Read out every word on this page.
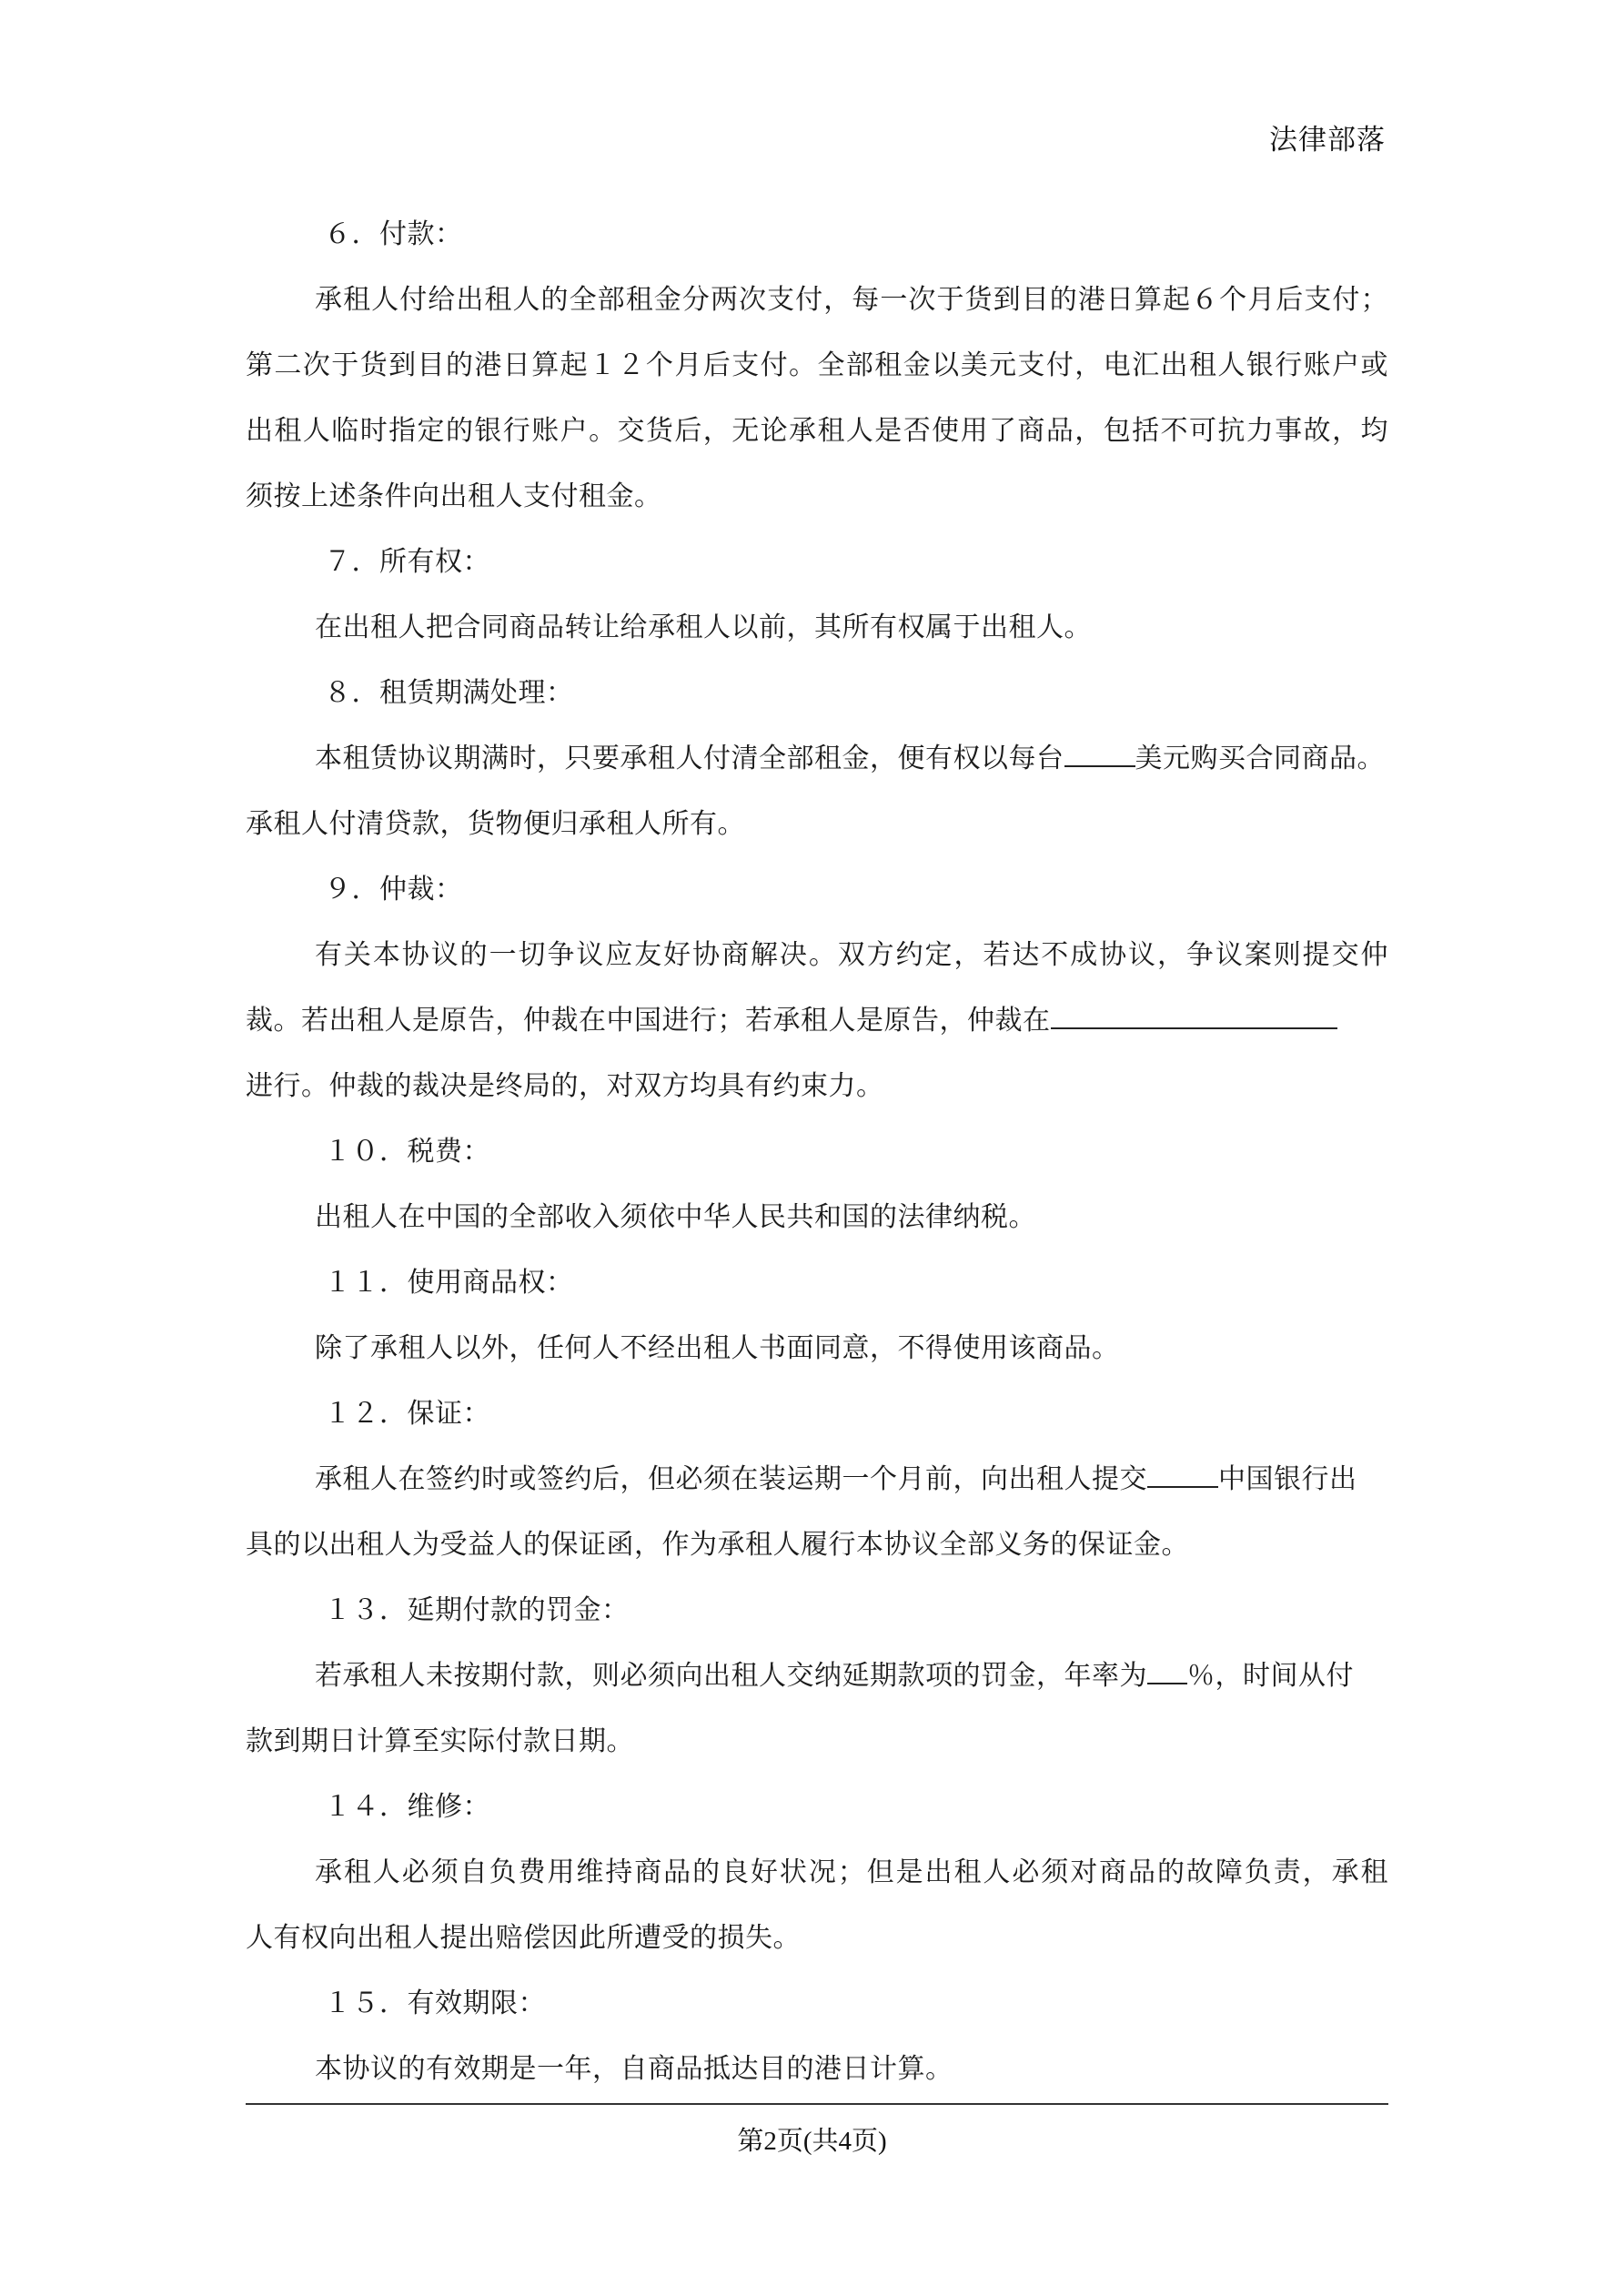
法律部落
６．付款：
承租人付给出租人的全部租金分两次支付，每一次于货到目的港日算起６个月后支付；
第二次于货到目的港日算起１２个月后支付。全部租金以美元支付，电汇出租人银行账户或
出租人临时指定的银行账户。交货后，无论承租人是否使用了商品，包括不可抗力事故，均
须按上述条件向出租人支付租金。
７．所有权：
在出租人把合同商品转让给承租人以前，其所有权属于出租人。
８．租赁期满处理：
本租赁协议期满时，只要承租人付清全部租金，便有权以每台	美元购买合同商品。
承租人付清贷款，货物便归承租人所有。
９．仲裁：
有关本协议的一切争议应友好协商解决。双方约定，若达不成协议，争议案则提交仲
裁。若出租人是原告，仲裁在中国进行；若承租人是原告，仲裁在
进行。仲裁的裁决是终局的，对双方均具有约束力。
１０．税费：
出租人在中国的全部收入须依中华人民共和国的法律纳税。
１１．使用商品权：
除了承租人以外，任何人不经出租人书面同意，不得使用该商品。
１２．保证：
承租人在签约时或签约后，但必须在装运期一个月前，向出租人提交	中国银行出
具的以出租人为受益人的保证函，作为承租人履行本协议全部义务的保证金。
１３．延期付款的罚金：
若承租人未按期付款，则必须向出租人交纳延期款项的罚金，年率为 ％，时间从付
款到期日计算至实际付款日期。
１４．维修：
承租人必须自负费用维持商品的良好状况；但是出租人必须对商品的故障负责，承租
人有权向出租人提出赔偿因此所遭受的损失。
１５．有效期限：
本协议的有效期是一年，自商品抵达目的港日计算。
第2页(共4页)
